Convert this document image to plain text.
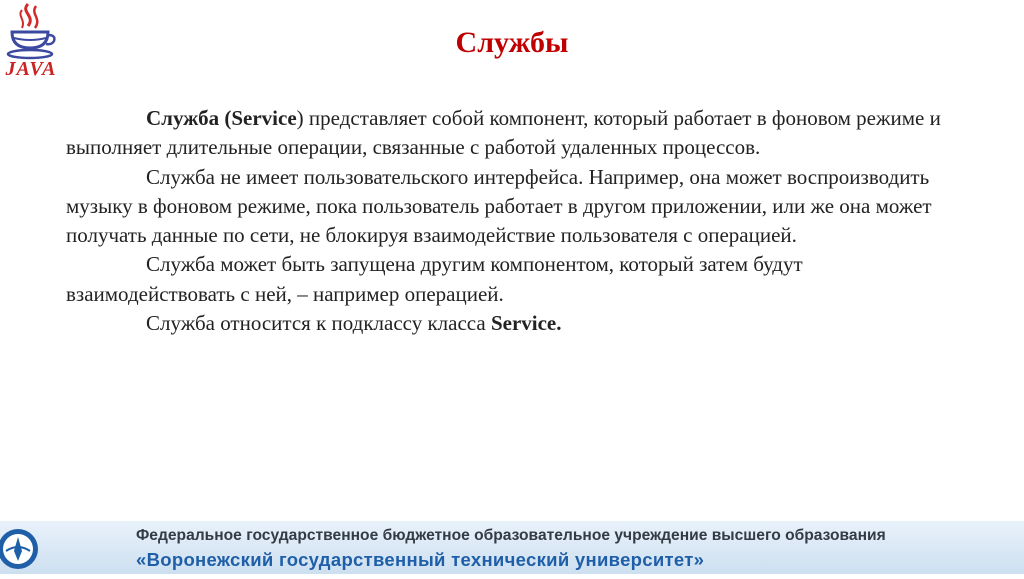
JAVA
Службы

Служба (Service) представляет собой компонент, который работает в фоновом режиме и выполняет длительные операции, связанные с работой удаленных процессов.

Служба не имеет пользовательского интерфейса. Например, она может воспроизводить музыку в фоновом режиме, пока пользователь работает в другом приложении, или же она может получать данные по сети, не блокируя взаимодействие пользователя с операцией.

Служба может быть запущена другим компонентом, который затем будут взаимодействовать с ней, – например операцией.

Служба относится к подклассу класса Service.

Федеральное государственное бюджетное образовательное учреждение высшего образования
«Воронежский государственный технический университет»
